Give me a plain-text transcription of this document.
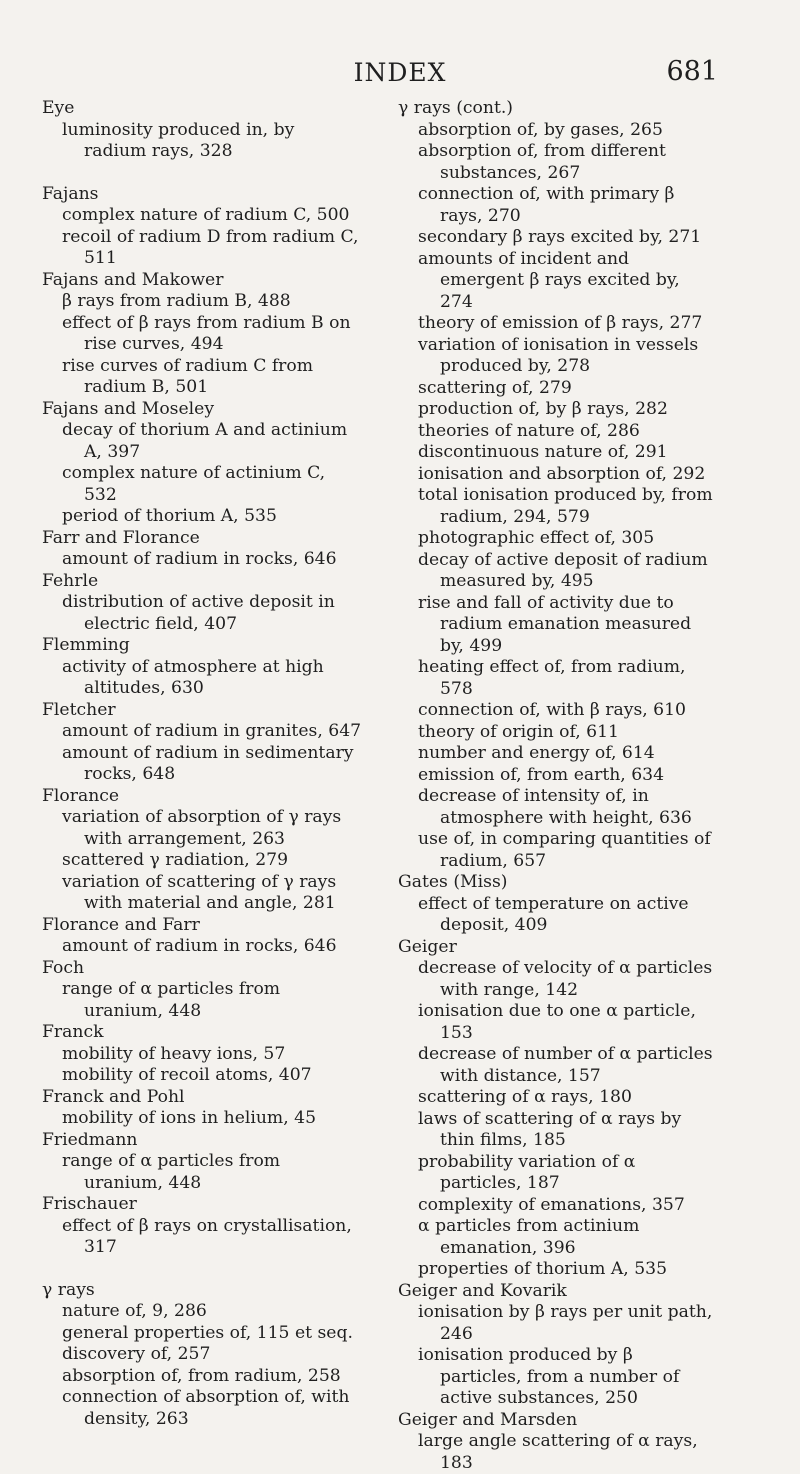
INDEX	681

Eye

luminosity produced in, by radium rays, 328

Fajans

complex nature of radium C, 500

recoil of radium D from radium C, 511

Fajans and Makower

β rays from radium B, 488

effect of β rays from radium B on rise curves, 494

rise curves of radium C from radium B, 501

Fajans and Moseley

decay of thorium A and actinium A, 397

complex nature of actinium C, 532

period of thorium A, 535

Farr and Florance

amount of radium in rocks, 646

Fehrle

distribution of active deposit in electric field, 407

Flemming

activity of atmosphere at high altitudes, 630

Fletcher

amount of radium in granites, 647

amount of radium in sedimentary rocks, 648

Florance

variation of absorption of γ rays with arrangement, 263

scattered γ radiation, 279

variation of scattering of γ rays with material and angle, 281

Florance and Farr

amount of radium in rocks, 646

Foch

range of α particles from uranium, 448

Franck

mobility of heavy ions, 57

mobility of recoil atoms, 407

Franck and Pohl

mobility of ions in helium, 45

Friedmann

range of α particles from uranium, 448

Frischauer

effect of β rays on crystallisation, 317

γ rays

nature of, 9, 286

general properties of, 115 et seq.

discovery of, 257

absorption of, from radium, 258

connection of absorption of, with density, 263

γ rays (cont.)

absorption of, by gases, 265

absorption of, from different substances, 267

connection of, with primary β rays, 270

secondary β rays excited by, 271

amounts of incident and emergent β rays excited by, 274

theory of emission of β rays, 277

variation of ionisation in vessels produced by, 278

scattering of, 279

production of, by β rays, 282

theories of nature of, 286

discontinuous nature of, 291

ionisation and absorption of, 292

total ionisation produced by, from radium, 294, 579

photographic effect of, 305

decay of active deposit of radium measured by, 495

rise and fall of activity due to radium emanation measured by, 499

heating effect of, from radium, 578

connection of, with β rays, 610

theory of origin of, 611

number and energy of, 614

emission of, from earth, 634

decrease of intensity of, in atmosphere with height, 636

use of, in comparing quantities of radium, 657

Gates (Miss)

effect of temperature on active deposit, 409

Geiger

decrease of velocity of α particles with range, 142

ionisation due to one α particle, 153

decrease of number of α particles with distance, 157

scattering of α rays, 180

laws of scattering of α rays by thin films, 185

probability variation of α particles, 187

complexity of emanations, 357

α particles from actinium emanation, 396

properties of thorium A, 535

Geiger and Kovarik

ionisation by β rays per unit path, 246

ionisation produced by β particles, from a number of active substances, 250

Geiger and Marsden

large angle scattering of α rays, 183
